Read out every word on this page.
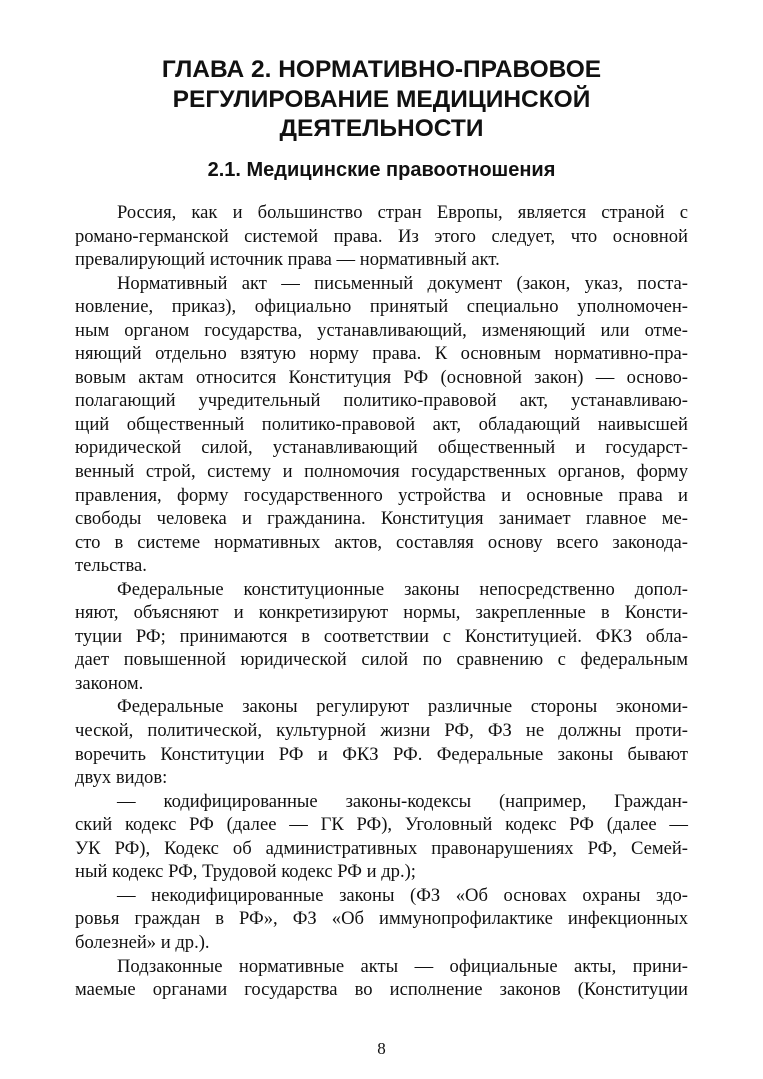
ГЛАВА 2. НОРМАТИВНО-ПРАВОВОЕ
РЕГУЛИРОВАНИЕ МЕДИЦИНСКОЙ
ДЕЯТЕЛЬНОСТИ
2.1. Медицинские правоотношения

Россия, как и большинство стран Европы, является страной с
романо-германской системой права. Из этого следует, что основной
превалирующий источник права — нормативный акт.

Нормативный акт — письменный документ (закон, указ, поста-
новление, приказ), официально принятый специально уполномочен-
ным органом государства, устанавливающий, изменяющий или отме-
няющий отдельно взятую норму права. К основным нормативно-пра-
вовым актам относится Конституция РФ (основной закон) — осново-
полагающий учредительный политико-правовой акт, устанавливаю-
щий общественный политико-правовой акт, обладающий наивысшей
юридической силой, устанавливающий общественный и государст-
венный строй, систему и полномочия государственных органов, форму
правления, форму государственного устройства и основные права и
свободы человека и гражданина. Конституция занимает главное ме-
сто в системе нормативных актов, составляя основу всего законода-
тельства.

Федеральные конституционные законы непосредственно допол-
няют, объясняют и конкретизируют нормы, закрепленные в Консти-
туции РФ; принимаются в соответствии с Конституцией. ФКЗ обла-
дает повышенной юридической силой по сравнению с федеральным
законом.

Федеральные законы регулируют различные стороны экономи-
ческой, политической, культурной жизни РФ, ФЗ не должны проти-
воречить Конституции РФ и ФКЗ РФ. Федеральные законы бывают
двух видов:

— кодифицированные законы-кодексы (например, Граждан-
ский кодекс РФ (далее — ГК РФ), Уголовный кодекс РФ (далее —
УК РФ), Кодекс об административных правонарушениях РФ, Семей-
ный кодекс РФ, Трудовой кодекс РФ и др.);

— некодифицированные законы (ФЗ «Об основах охраны здо-
ровья граждан в РФ», ФЗ «Об иммунопрофилактике инфекционных
болезней» и др.).

Подзаконные нормативные акты — официальные акты, прини-
маемые органами государства во исполнение законов (Конституции

8
